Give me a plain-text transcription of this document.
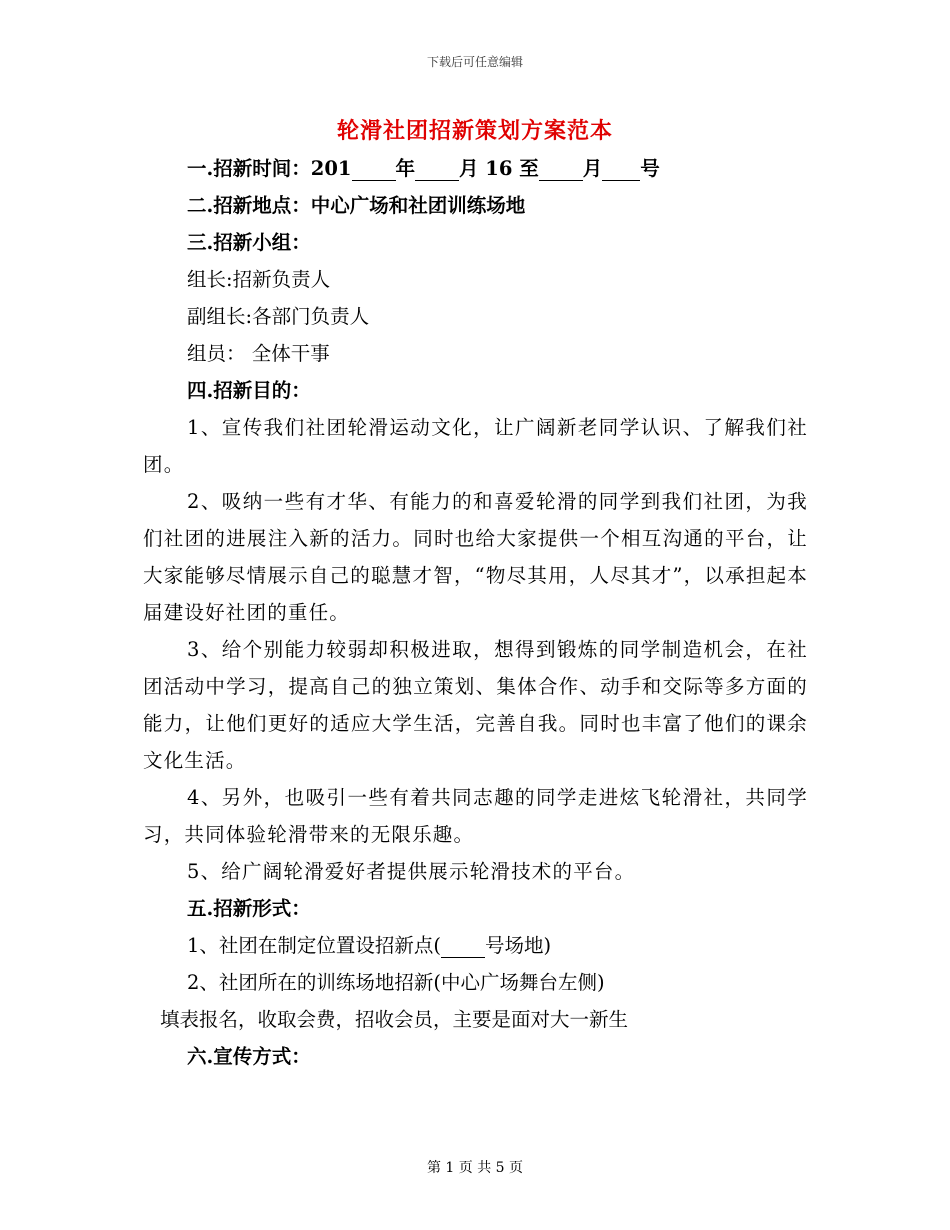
下载后可任意编辑
轮滑社团招新策划方案范本
一.招新时间：201 年 月 16 至 月 号
二.招新地点：中心广场和社团训练场地
三.招新小组：
组长:招新负责人
副组长:各部门负责人
组员： 全体干事
四.招新目的：
1、宣传我们社团轮滑运动文化，让广阔新老同学认识、了解我们社团。
2、吸纳一些有才华、有能力的和喜爱轮滑的同学到我们社团，为我们社团的进展注入新的活力。同时也给大家提供一个相互沟通的平台，让大家能够尽情展示自己的聪慧才智，“物尽其用，人尽其才”，以承担起本届建设好社团的重任。
3、给个别能力较弱却积极进取，想得到锻炼的同学制造机会，在社团活动中学习，提高自己的独立策划、集体合作、动手和交际等多方面的能力，让他们更好的适应大学生活，完善自我。同时也丰富了他们的课余文化生活。
4、另外，也吸引一些有着共同志趣的同学走进炫飞轮滑社，共同学习，共同体验轮滑带来的无限乐趣。
5、给广阔轮滑爱好者提供展示轮滑技术的平台。
五.招新形式：
1、社团在制定位置设招新点( 号场地)
2、社团所在的训练场地招新(中心广场舞台左侧)
填表报名，收取会费，招收会员，主要是面对大一新生
六.宣传方式：
第 1 页 共 5 页
